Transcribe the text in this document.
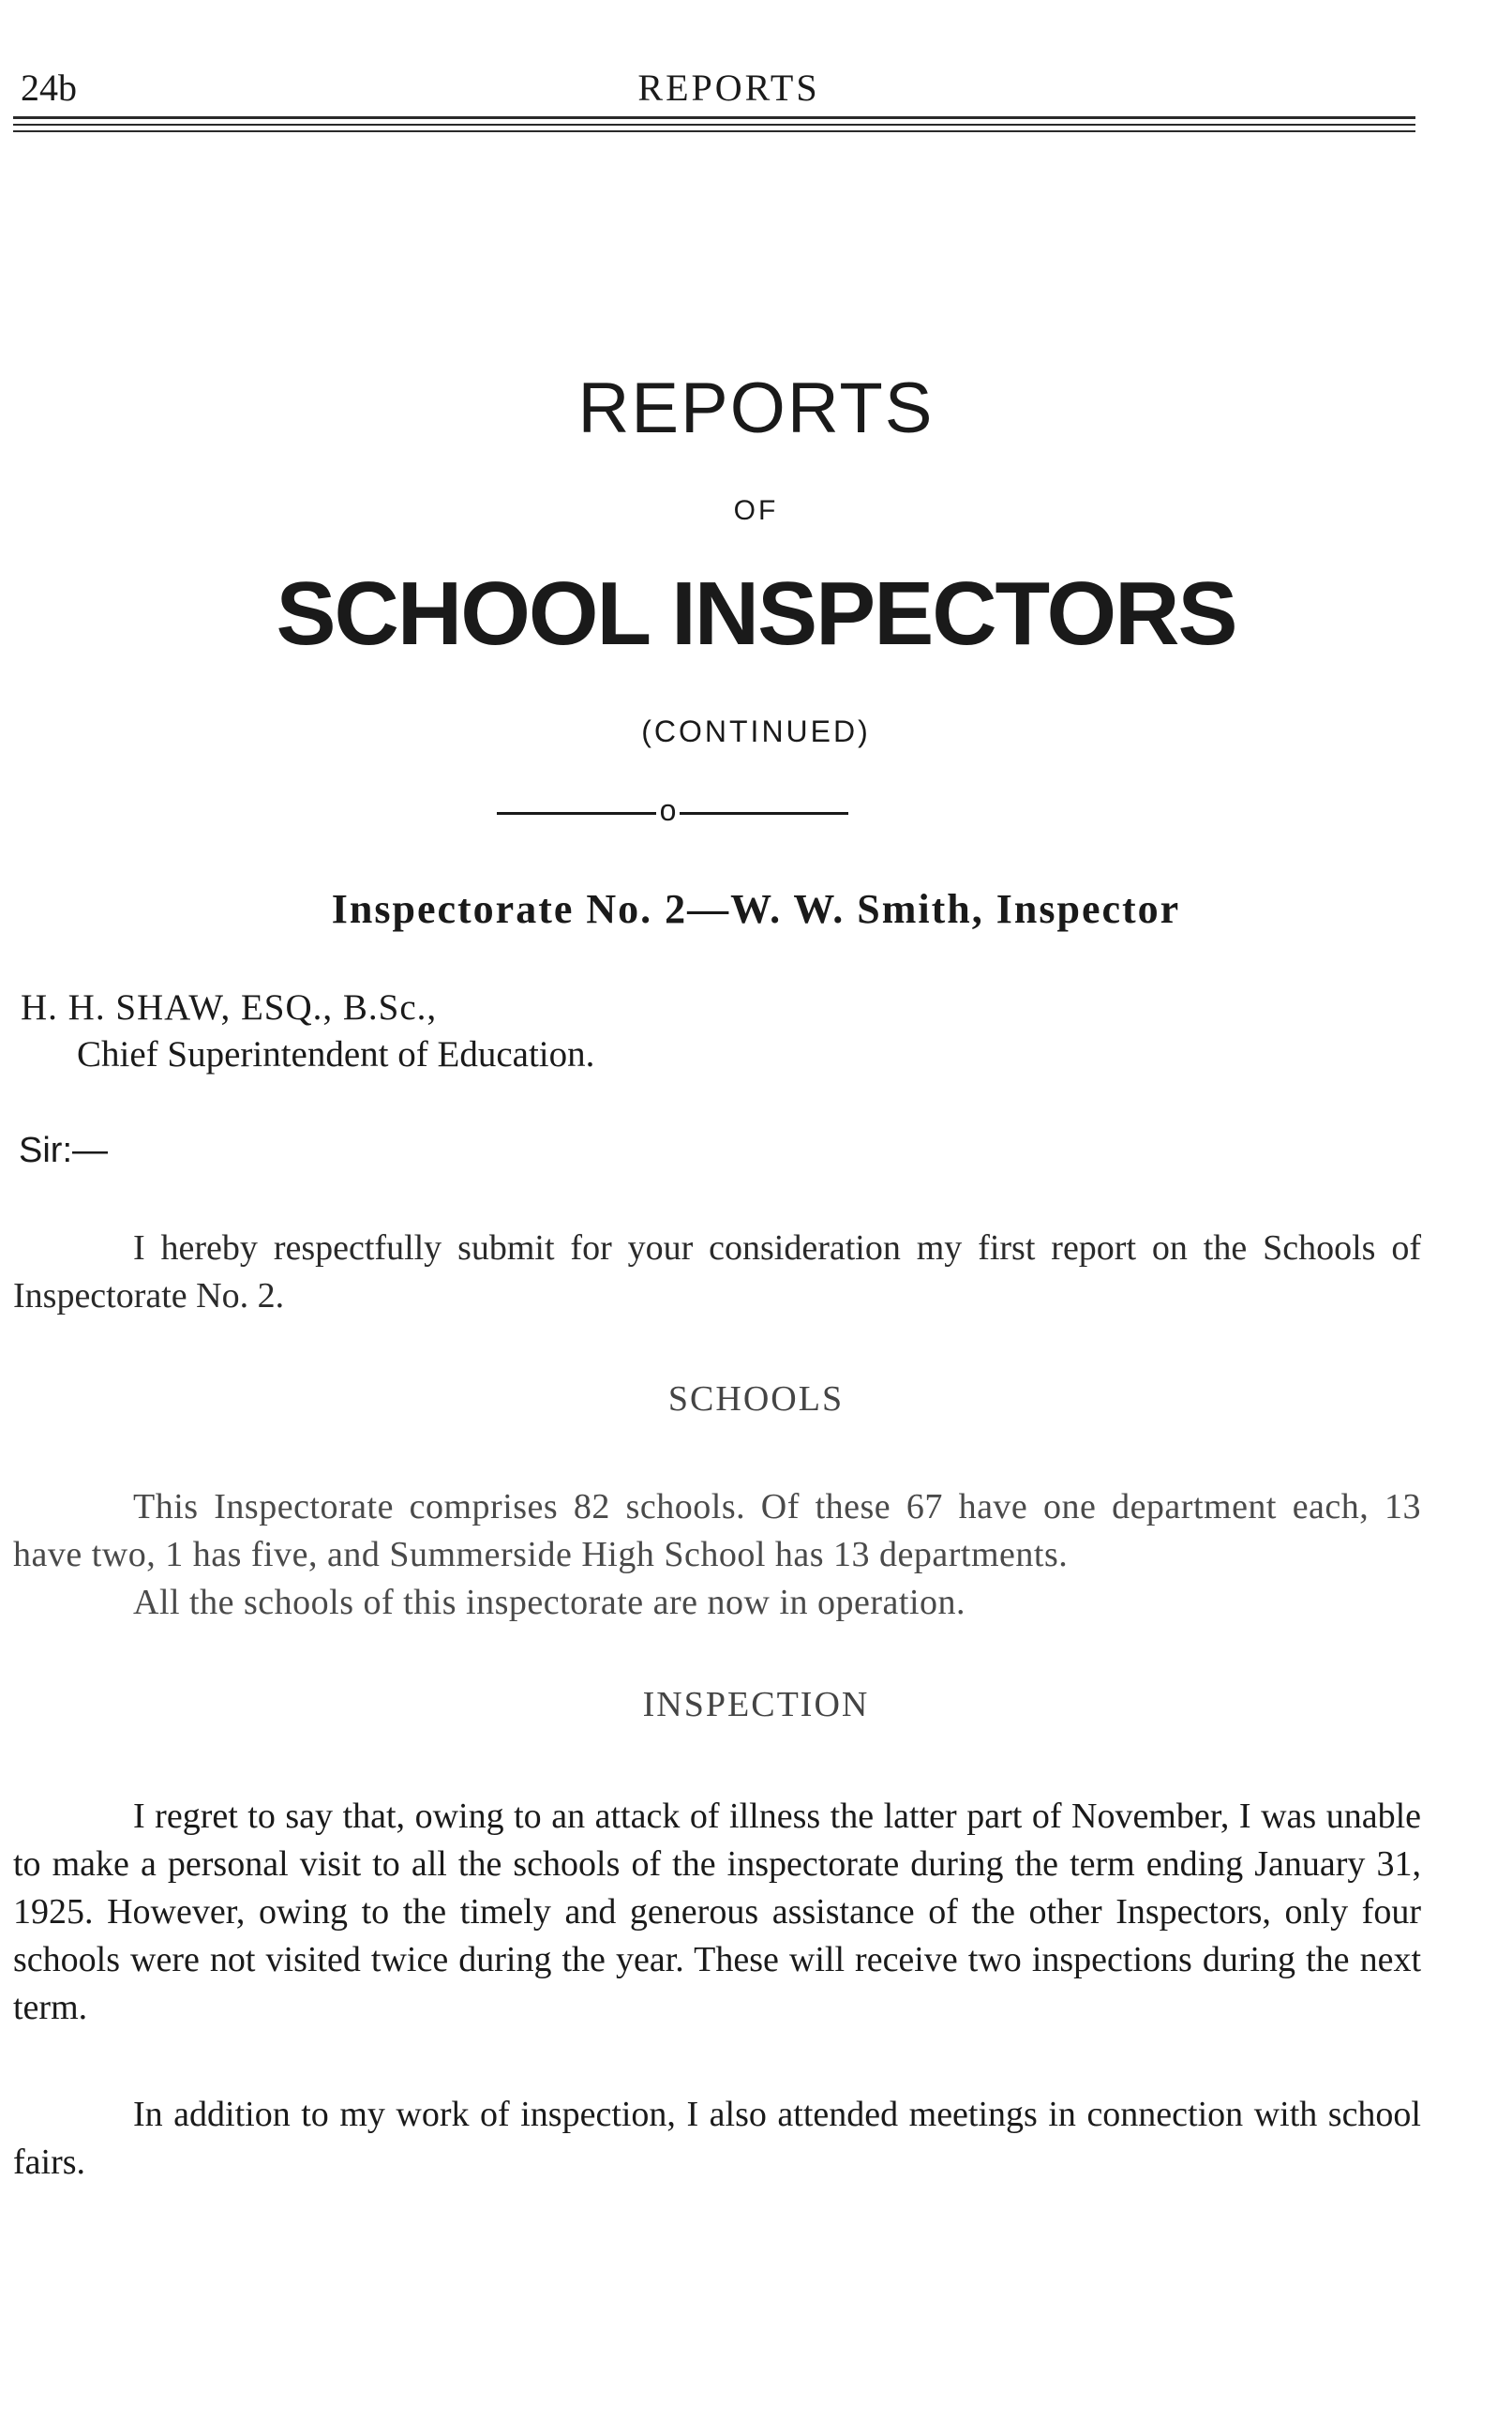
24b	REPORTS
REPORTS
OF
SCHOOL INSPECTORS
(CONTINUED)
o
Inspectorate No. 2—W. W. Smith, Inspector
H. H. SHAW, ESQ., B.Sc.,
Chief Superintendent of Education.
Sir:—
I hereby respectfully submit for your consideration my first report on the Schools of Inspectorate No. 2.
SCHOOLS
This Inspectorate comprises 82 schools. Of these 67 have one department each, 13 have two, 1 has five, and Summerside High School has 13 departments.
All the schools of this inspectorate are now in operation.
INSPECTION
I regret to say that, owing to an attack of illness the latter part of November, I was unable to make a personal visit to all the schools of the inspectorate during the term ending January 31, 1925. However, owing to the timely and generous assistance of the other Inspectors, only four schools were not visited twice during the year. These will receive two inspections during the next term.
In addition to my work of inspection, I also attended meetings in connection with school fairs.
